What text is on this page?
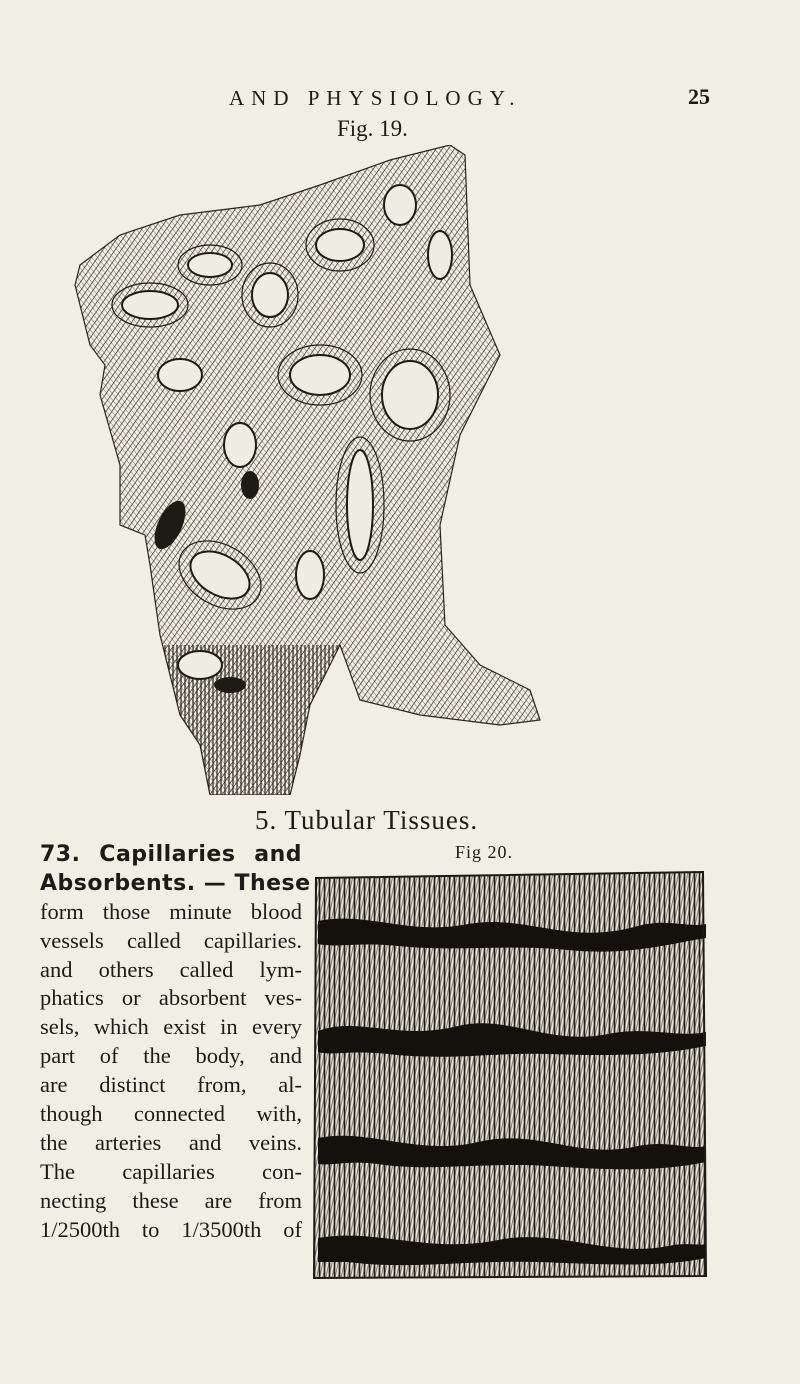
AND PHYSIOLOGY.	25
Fig. 19.
5. Tubular Tissues.
Fig 20.
73. Capillaries and
Absorbents. — These
form those minute blood
vessels called capillaries.
and others called lym-
phatics or absorbent ves-
sels, which exist in every
part of the body, and
are distinct from, al-
though connected with,
the arteries and veins.
The capillaries con-
necting these are from
1/2500th to 1/3500th of
